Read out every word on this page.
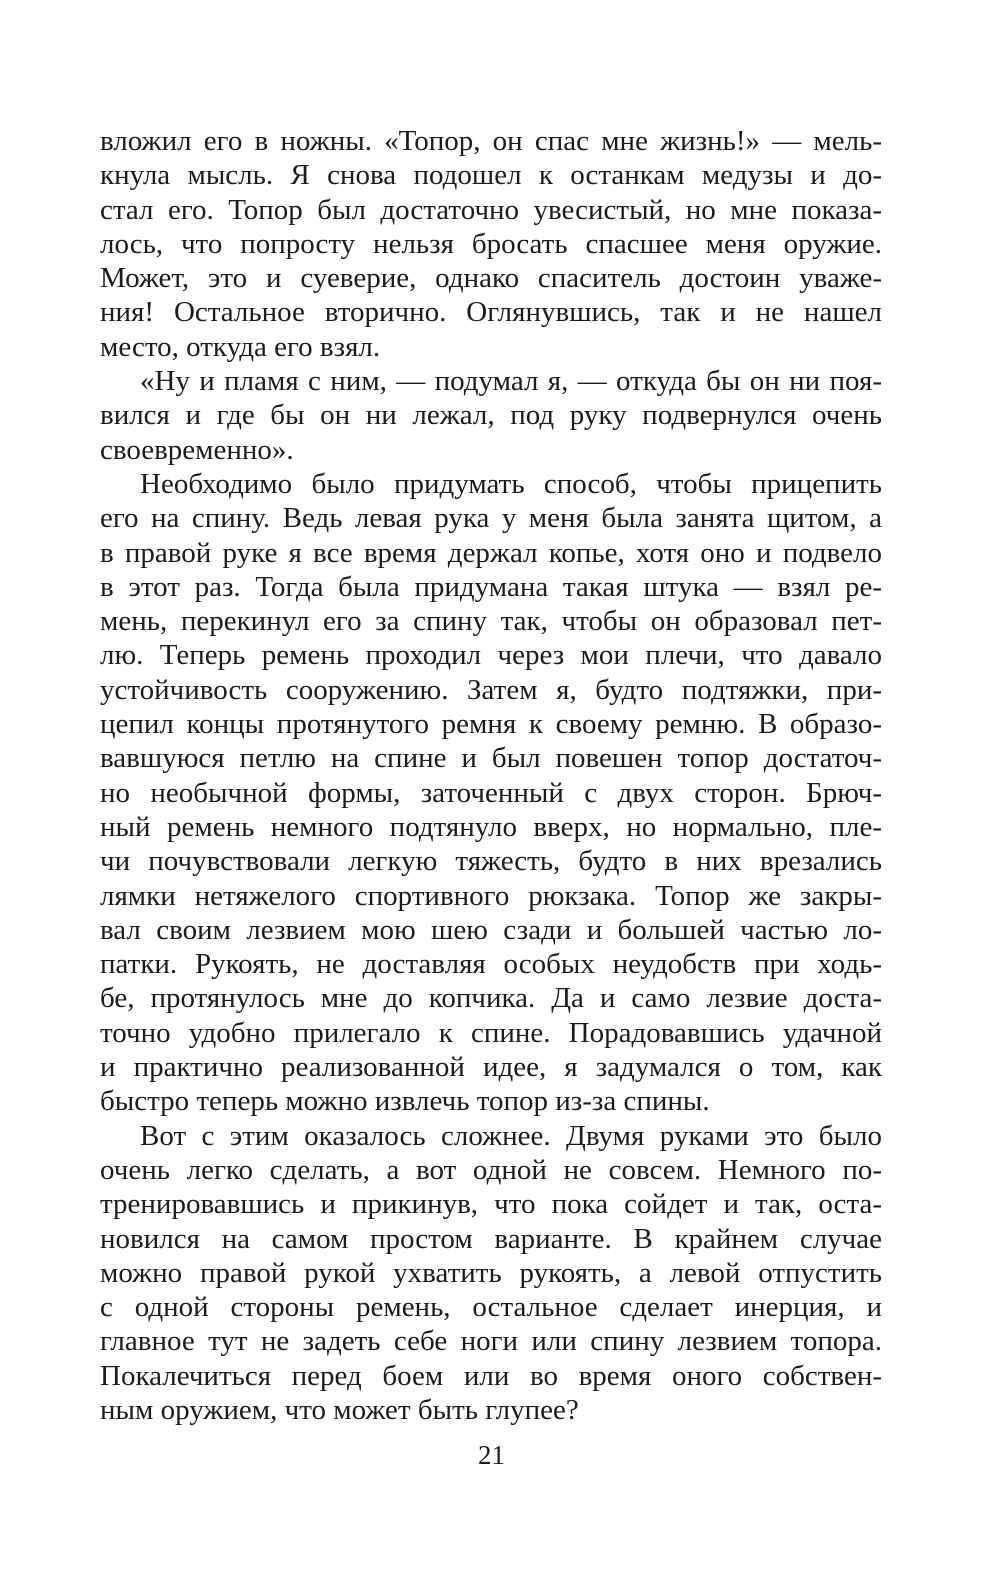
вложил его в ножны. «Топор, он спас мне жизнь!» — мель-
кнула мысль. Я снова подошел к останкам медузы и до-
стал его. Топор был достаточно увесистый, но мне показа-
лось, что попросту нельзя бросать спасшее меня оружие.
Может, это и суеверие, однако спаситель достоин уваже-
ния! Остальное вторично. Оглянувшись, так и не нашел
место, откуда его взял.
«Ну и пламя с ним, — подумал я, — откуда бы он ни поя-
вился и где бы он ни лежал, под руку подвернулся очень
своевременно».
Необходимо было придумать способ, чтобы прицепить
его на спину. Ведь левая рука у меня была занята щитом, а
в правой руке я все время держал копье, хотя оно и подвело
в этот раз. Тогда была придумана такая штука — взял ре-
мень, перекинул его за спину так, чтобы он образовал пет-
лю. Теперь ремень проходил через мои плечи, что давало
устойчивость сооружению. Затем я, будто подтяжки, при-
цепил концы протянутого ремня к своему ремню. В образо-
вавшуюся петлю на спине и был повешен топор достаточ-
но необычной формы, заточенный с двух сторон. Брюч-
ный ремень немного подтянуло вверх, но нормально, пле-
чи почувствовали легкую тяжесть, будто в них врезались
лямки нетяжелого спортивного рюкзака. Топор же закры-
вал своим лезвием мою шею сзади и большей частью ло-
патки. Рукоять, не доставляя особых неудобств при ходь-
бе, протянулось мне до копчика. Да и само лезвие доста-
точно удобно прилегало к спине. Порадовавшись удачной
и практично реализованной идее, я задумался о том, как
быстро теперь можно извлечь топор из-за спины.
Вот с этим оказалось сложнее. Двумя руками это было
очень легко сделать, а вот одной не совсем. Немного по-
тренировавшись и прикинув, что пока сойдет и так, оста-
новился на самом простом варианте. В крайнем случае
можно правой рукой ухватить рукоять, а левой отпустить
с одной стороны ремень, остальное сделает инерция, и
главное тут не задеть себе ноги или спину лезвием топора.
Покалечиться перед боем или во время оного собствен-
ным оружием, что может быть глупее?
21
